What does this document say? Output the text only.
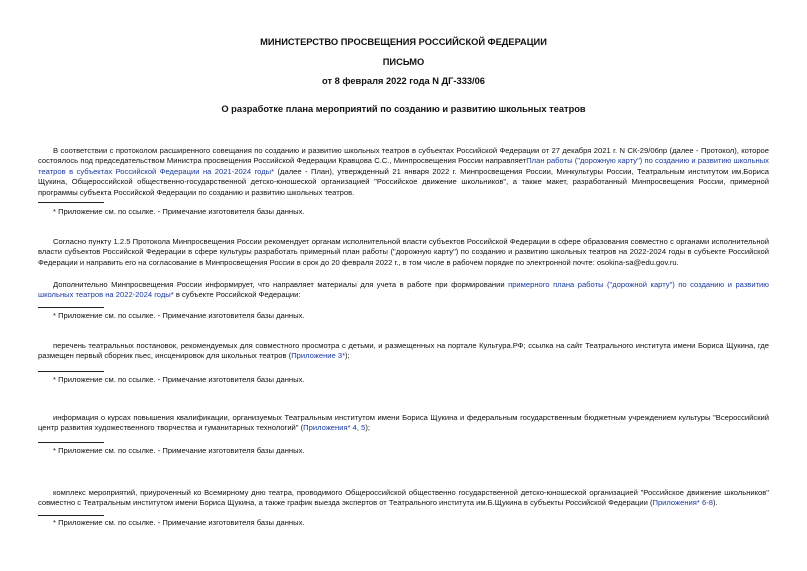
МИНИСТЕРСТВО ПРОСВЕЩЕНИЯ РОССИЙСКОЙ ФЕДЕРАЦИИ
ПИСЬМО
от 8 февраля 2022 года N ДГ-333/06
О разработке плана мероприятий по созданию и развитию школьных театров

В соответствии с протоколом расширенного совещания по созданию и развитию школьных театров в субъектах Российской Федерации от 27 декабря 2021 г. N СК-29/06пр (далее - Протокол), которое состоялось под председательством Министра просвещения Российской Федерации Кравцова С.С., Минпросвещения России направляетПлан работы ("дорожную карту") по созданию и развитию школьных театров в субъектах Российской Федерации на 2021-2024 годы* (далее - План), утвержденный 21 января 2022 г. Минпросвещения России, Минкультуры России, Театральным институтом им.Бориса Щукина, Общероссийской общественно-государственной детско-юношеской организацией "Российское движение школьников", а также макет, разработанный Минпросвещения России, примерной программы субъекта Российской Федерации по созданию и развитию школьных театров.

* Приложение см. по ссылке. - Примечание изготовителя базы данных.

Согласно пункту 1.2.5 Протокола Минпросвещения России рекомендует органам исполнительной власти субъектов Российской Федерации в сфере образования совместно с органами исполнительной власти субъектов Российской Федерации в сфере культуры разработать примерный план работы ("дорожную карту") по созданию и развитию школьных театров на 2022-2024 годы в субъекте Российской Федерации и направить его на согласование в Минпросвещения России в срок до 20 февраля 2022 г., в том числе в рабочем порядке по электронной почте: osokina-sa@edu.gov.ru.

Дополнительно Минпросвещения России информирует, что направляет материалы для учета в работе при формировании примерного плана работы ("дорожной карту") по созданию и развитию школьных театров на 2022-2024 годы* в субъекте Российской Федерации:

* Приложение см. по ссылке. - Примечание изготовителя базы данных.

перечень театральных постановок, рекомендуемых для совместного просмотра с детьми, и размещенных на портале Культура.РФ; ссылка на сайт Театрального института имени Бориса Щукина, где размещен первый сборник пьес, инсценировок для школьных театров (Приложение 3*);

* Приложение см. по ссылке. - Примечание изготовителя базы данных.

информация о курсах повышения квалификации, организуемых Театральным институтом имени Бориса Щукина и федеральным государственным бюджетным учреждением культуры "Всероссийский центр развития художественного творчества и гуманитарных технологий" (Приложения* 4, 5);

* Приложение см. по ссылке. - Примечание изготовителя базы данных.

комплекс мероприятий, приуроченный ко Всемирному дню театра, проводимого Общероссийской общественно государственной детско-юношеской организацией "Российское движение школьников" совместно с Театральным институтом имени Бориса Щукина, а также график выезда экспертов от Театрального института им.Б.Щукина в субъекты Российской Федерации (Приложения* 6-8).

* Приложение см. по ссылке. - Примечание изготовителя базы данных.
